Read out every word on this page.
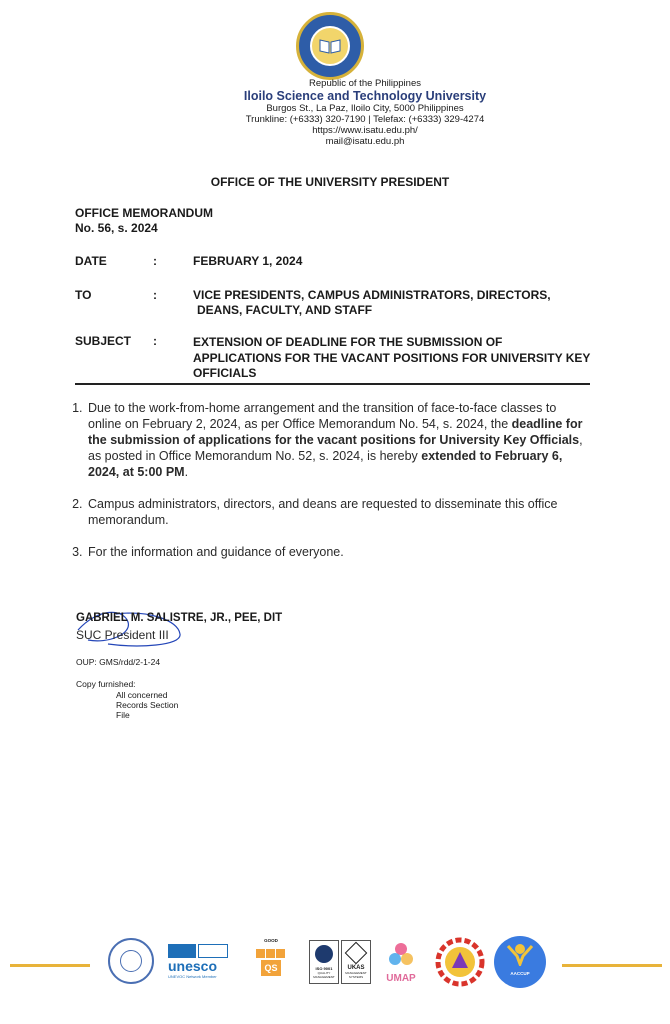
Republic of the Philippines
Iloilo Science and Technology University
Burgos St., La Paz, Iloilo City, 5000 Philippines
Trunkline: (+6333) 320-7190 | Telefax: (+6333) 329-4274
https://www.isatu.edu.ph/
mail@isatu.edu.ph
OFFICE OF THE UNIVERSITY PRESIDENT
OFFICE MEMORANDUM
No. 56, s. 2024
DATE	:	FEBRUARY 1, 2024
TO	:	VICE PRESIDENTS, CAMPUS ADMINISTRATORS, DIRECTORS,
DEANS, FACULTY, AND STAFF
SUBJECT :	EXTENSION OF DEADLINE FOR THE SUBMISSION OF
APPLICATIONS FOR THE VACANT POSITIONS FOR UNIVERSITY KEY
OFFICIALS
1. Due to the work-from-home arrangement and the transition of face-to-face classes to online on February 2, 2024, as per Office Memorandum No. 54, s. 2024, the deadline for the submission of applications for the vacant positions for University Key Officials, as posted in Office Memorandum No. 52, s. 2024, is hereby extended to February 6, 2024, at 5:00 PM.
2. Campus administrators, directors, and deans are requested to disseminate this office memorandum.
3. For the information and guidance of everyone.
GABRIEL M. SALISTRE, JR., PEE, DIT
SUC President III
OUP: GMS/rdd/2-1-24
Copy furnished:
All concerned
Records Section
File
unesco
UNEVOC Network Member
GOOD
QS	ISO 9001
QUALITY MANAGEMENT
UKAS
MANAGEMENT SYSTEMS	UMAP	AACCUP
